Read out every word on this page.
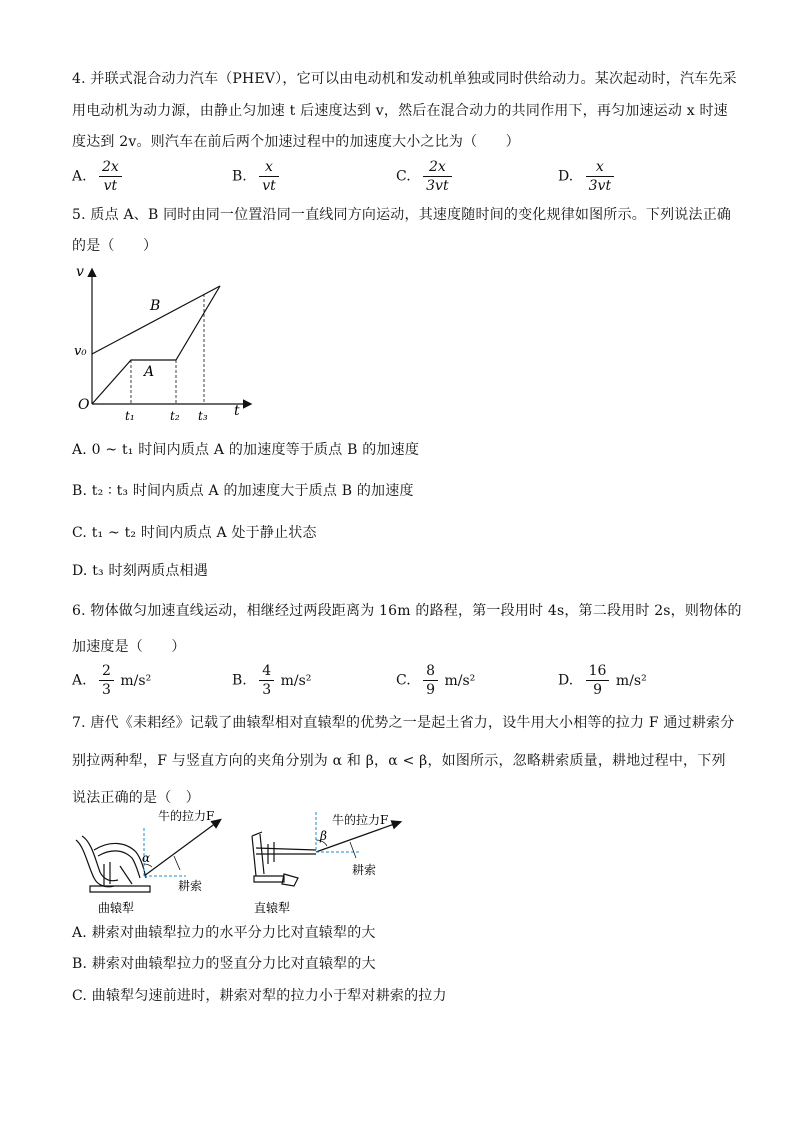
4. 并联式混合动力汽车（PHEV），它可以由电动机和发动机单独或同时供给动力。某次起动时，汽车先采
用电动机为动力源，由静止匀加速 t 后速度达到 v，然后在混合动力的共同作用下，再匀加速运动 x 时速
度达到 2v。则汽车在前后两个加速过程中的加速度大小之比为（　　）
A. $\frac{2x}{vt}$	B. $\frac{x}{vt}$	C. $\frac{2x}{3vt}$	D. $\frac{x}{3vt}$
5. 质点 A、B 同时由同一位置沿同一直线同方向运动，其速度随时间的变化规律如图所示。下列说法正确
的是（　　）
v
t
O
v₀
B
A
t₁	t₂ t₃
A. 0 ~ t₁ 时间内质点 A 的加速度等于质点 B 的加速度
B. t₂ ∶ t₃ 时间内质点 A 的加速度大于质点 B 的加速度
C. t₁ ~ t₂ 时间内质点 A 处于静止状态
D. t₃ 时刻两质点相遇
6. 物体做匀加速直线运动，相继经过两段距离为 16m 的路程，第一段用时 4s，第二段用时 2s，则物体的
加速度是（　　）
A. $\frac{2}{3} m/s^2$	B. $\frac{4}{3} m/s^2$	C. $\frac{8}{9} m/s^2$	D. $\frac{16}{9} m/s^2$
7. 唐代《耒耜经》记载了曲辕犁相对直辕犁的优势之一是起土省力，设牛用大小相等的拉力 F 通过耕索分
别拉两种犁，F 与竖直方向的夹角分别为 α 和 β，α < β，如图所示，忽略耕索质量，耕地过程中，下列
说法正确的是（　）
α
牛的拉力F
耕索
曲辕犁
β
牛的拉力F
耕索
直辕犁
A. 耕索对曲辕犁拉力的水平分力比对直辕犁的大
B. 耕索对曲辕犁拉力的竖直分力比对直辕犁的大
C. 曲辕犁匀速前进时，耕索对犁的拉力小于犁对耕索的拉力
